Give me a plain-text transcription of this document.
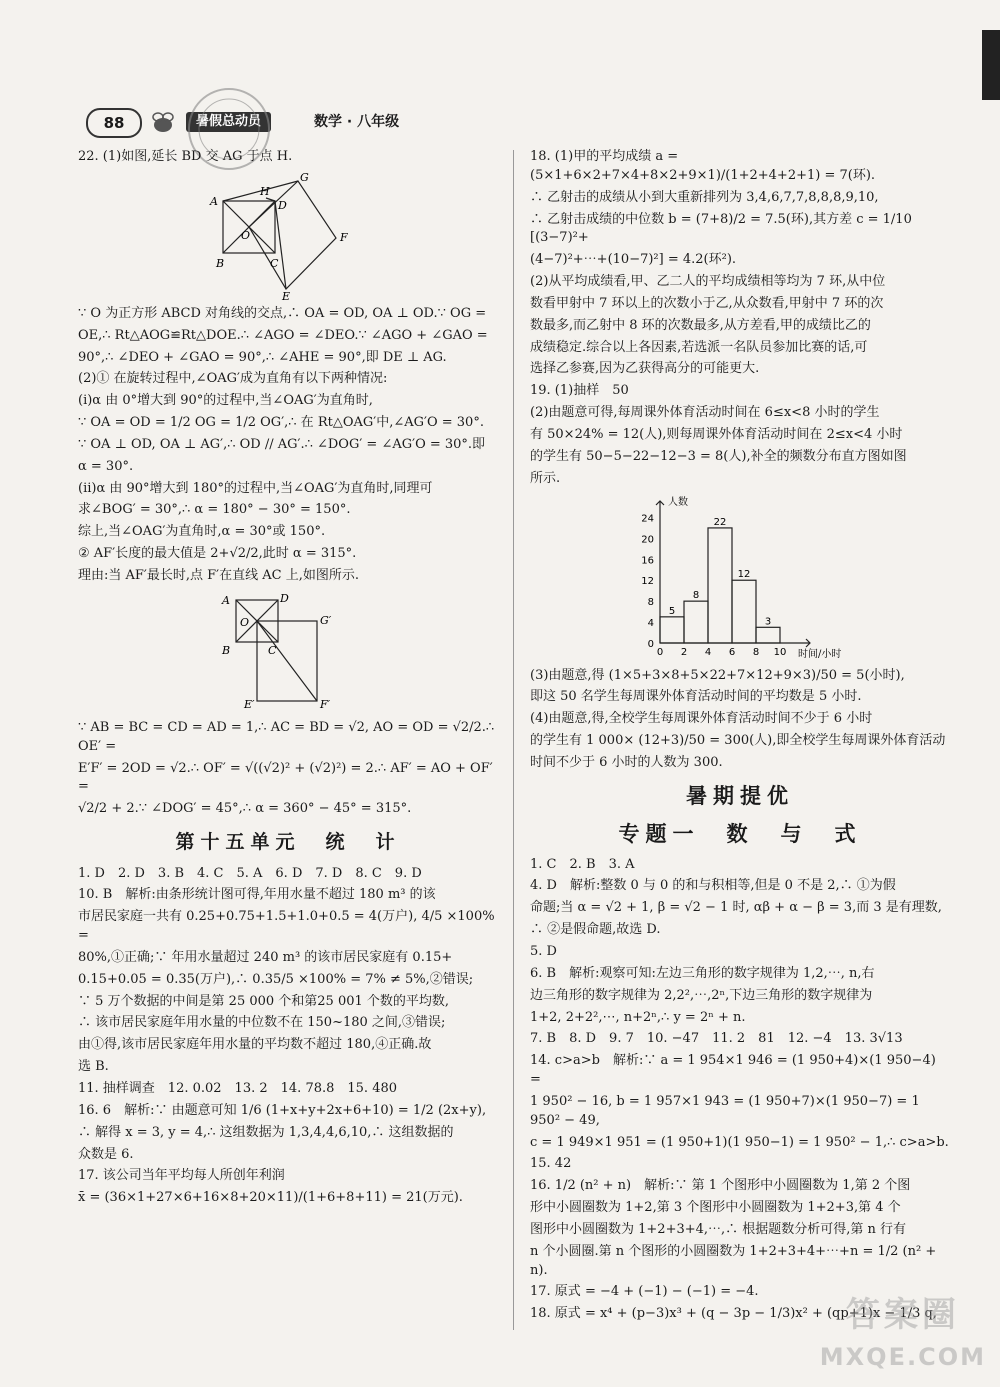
88	暑假总动员	数学 · 八年级
22. (1)如图,延长 BD 交 AG 于点 H.
A
B	C
D
E
F
G
H
O
∵ O 为正方形 ABCD 对角线的交点,∴ OA = OD, OA ⊥ OD.∵ OG =
OE,∴ Rt△AOG≌Rt△DOE.∴ ∠AGO = ∠DEO.∵ ∠AGO + ∠GAO =
90°,∴ ∠DEO + ∠GAO = 90°,∴ ∠AHE = 90°,即 DE ⊥ AG.
(2)① 在旋转过程中,∠OAG′成为直角有以下两种情况:
(ⅰ)α 由 0°增大到 90°的过程中,当∠OAG′为直角时,
∵ OA = OD = 1/2 OG = 1/2 OG′,∴ 在 Rt△OAG′中,∠AG′O = 30°.
∵ OA ⊥ OD, OA ⊥ AG′,∴ OD // AG′.∴ ∠DOG′ = ∠AG′O = 30°.即
α = 30°.
(ⅱ)α 由 90°增大到 180°的过程中,当∠OAG′为直角时,同理可
求∠BOG′ = 30°,∴ α = 180° − 30° = 150°.
综上,当∠OAG′为直角时,α = 30°或 150°.
② AF′长度的最大值是 2+√2/2,此时 α = 315°.
理由:当 AF′最长时,点 F′在直线 AC 上,如图所示.
A
B	C
D
E′	F′
G′
O
∵ AB = BC = CD = AD = 1,∴ AC = BD = √2, AO = OD = √2/2.∴ OE′ =
E′F′ = 2OD = √2.∴ OF′ = √((√2)² + (√2)²) = 2.∴ AF′ = AO + OF′ =
√2/2 + 2.∵ ∠DOG′ = 45°,∴ α = 360° − 45° = 315°.
第十五单元　统　计
1. D　2. D　3. B　4. C　5. A　6. D　7. D　8. C　9. D
10. B　解析:由条形统计图可得,年用水量不超过 180 m³ 的该
市居民家庭一共有 0.25+0.75+1.5+1.0+0.5 = 4(万户), 4/5 ×100% =
80%,①正确;∵ 年用水量超过 240 m³ 的该市居民家庭有 0.15+
0.15+0.05 = 0.35(万户),∴ 0.35/5 ×100% = 7% ≠ 5%,②错误;
∵ 5 万个数据的中间是第 25 000 个和第25 001 个数的平均数,
∴ 该市居民家庭年用水量的中位数不在 150~180 之间,③错误;
由①得,该市居民家庭年用水量的平均数不超过 180,④正确.故
选 B.
11. 抽样调查　12. 0.02　13. 2　14. 78.8　15. 480
16. 6　解析:∵ 由题意可知 1/6 (1+x+y+2x+6+10) = 1/2 (2x+y),
∴ 解得 x = 3, y = 4,∴ 这组数据为 1,3,4,4,6,10,∴ 这组数据的
众数是 6.
17. 该公司当年平均每人所创年利润
x̄ = (36×1+27×6+16×8+20×11)/(1+6+8+11) = 21(万元).
18. (1)甲的平均成绩 a = (5×1+6×2+7×4+8×2+9×1)/(1+2+4+2+1) = 7(环).
∴ 乙射击的成绩从小到大重新排列为 3,4,6,7,7,8,8,8,9,10,
∴ 乙射击成绩的中位数 b = (7+8)/2 = 7.5(环),其方差 c = 1/10 [(3−7)²+
(4−7)²+⋯+(10−7)²] = 4.2(环²).
(2)从平均成绩看,甲、乙二人的平均成绩相等均为 7 环,从中位
数看甲射中 7 环以上的次数小于乙,从众数看,甲射中 7 环的次
数最多,而乙射中 8 环的次数最多,从方差看,甲的成绩比乙的
成绩稳定.综合以上各因素,若选派一名队员参加比赛的话,可
选择乙参赛,因为乙获得高分的可能更大.
19. (1)抽样　50
(2)由题意可得,每周课外体育活动时间在 6≤x<8 小时的学生
有 50×24% = 12(人),则每周课外体育活动时间在 2≤x<4 小时
的学生有 50−5−22−12−3 = 8(人),补全的频数分布直方图如图
所示.
5
8
22
12
3
0 2 4 6 8 10
0
4
8
12
16
20
24
人数
时间/小时
(3)由题意,得 (1×5+3×8+5×22+7×12+9×3)/50 = 5(小时),
即这 50 名学生每周课外体育活动时间的平均数是 5 小时.
(4)由题意,得,全校学生每周课外体育活动时间不少于 6 小时
的学生有 1 000× (12+3)/50 = 300(人),即全校学生每周课外体育活动
时间不少于 6 小时的人数为 300.
暑期提优
专题一　数　与　式
1. C　2. B　3. A
4. D　解析:整数 0 与 0 的和与积相等,但是 0 不是 2,∴ ①为假
命题;当 α = √2 + 1, β = √2 − 1 时, αβ + α − β = 3,而 3 是有理数,
∴ ②是假命题,故选 D.
5. D
6. B　解析:观察可知:左边三角形的数字规律为 1,2,⋯, n,右
边三角形的数字规律为 2,2²,⋯,2ⁿ,下边三角形的数字规律为
1+2, 2+2²,⋯, n+2ⁿ,∴ y = 2ⁿ + n.
7. B　8. D　9. 7　10. −47　11. 2　81　12. −4　13. 3√13
14. c>a>b　解析:∵ a = 1 954×1 946 = (1 950+4)×(1 950−4) =
1 950² − 16, b = 1 957×1 943 = (1 950+7)×(1 950−7) = 1 950² − 49,
c = 1 949×1 951 = (1 950+1)(1 950−1) = 1 950² − 1,∴ c>a>b.
15. 42
16. 1/2 (n² + n)　解析:∵ 第 1 个图形中小圆圈数为 1,第 2 个图
形中小圆圈数为 1+2,第 3 个图形中小圆圈数为 1+2+3,第 4 个
图形中小圆圈数为 1+2+3+4,⋯,∴ 根据题数分析可得,第 n 行有
n 个小圆圈.第 n 个图形的小圆圈数为 1+2+3+4+⋯+n = 1/2 (n² + n).
17. 原式 = −4 + (−1) − (−1) = −4.
18. 原式 = x⁴ + (p−3)x³ + (q − 3p − 1/3)x² + (qp+1)x − 1/3 q,
答案圈
MXQE.COM
